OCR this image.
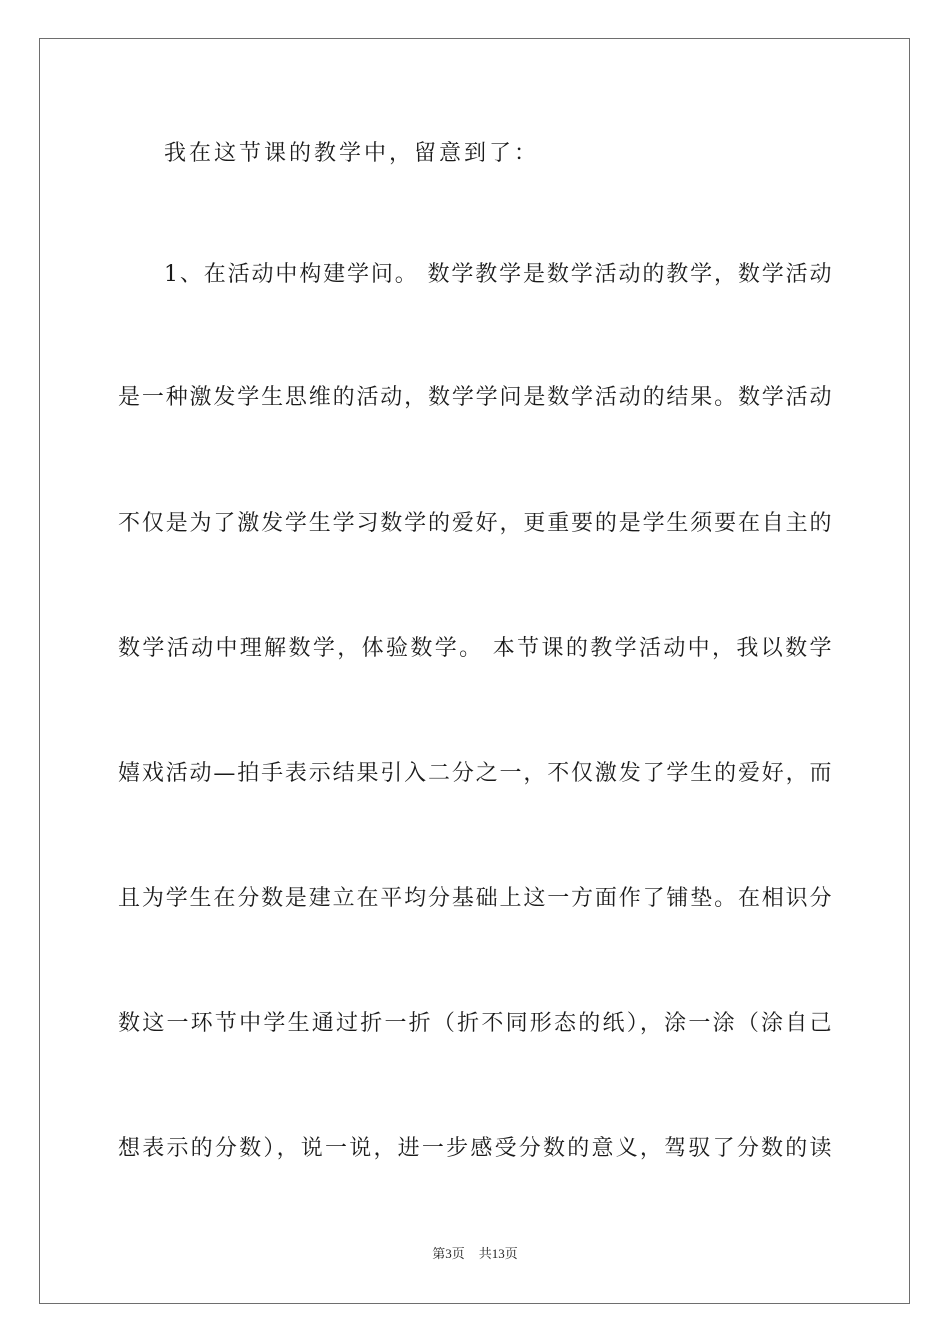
我在这节课的教学中，留意到了：
1、在活动中构建学问。 数学教学是数学活动的教学，数学活动
是一种激发学生思维的活动，数学学问是数学活动的结果。数学活动
不仅是为了激发学生学习数学的爱好，更重要的是学生须要在自主的
数学活动中理解数学，体验数学。 本节课的教学活动中，我以数学
嬉戏活动—拍手表示结果引入二分之一，不仅激发了学生的爱好，而
且为学生在分数是建立在平均分基础上这一方面作了铺垫。在相识分
数这一环节中学生通过折一折（折不同形态的纸），涂一涂（涂自己
想表示的分数），说一说，进一步感受分数的意义，驾驭了分数的读
第3页 共13页
